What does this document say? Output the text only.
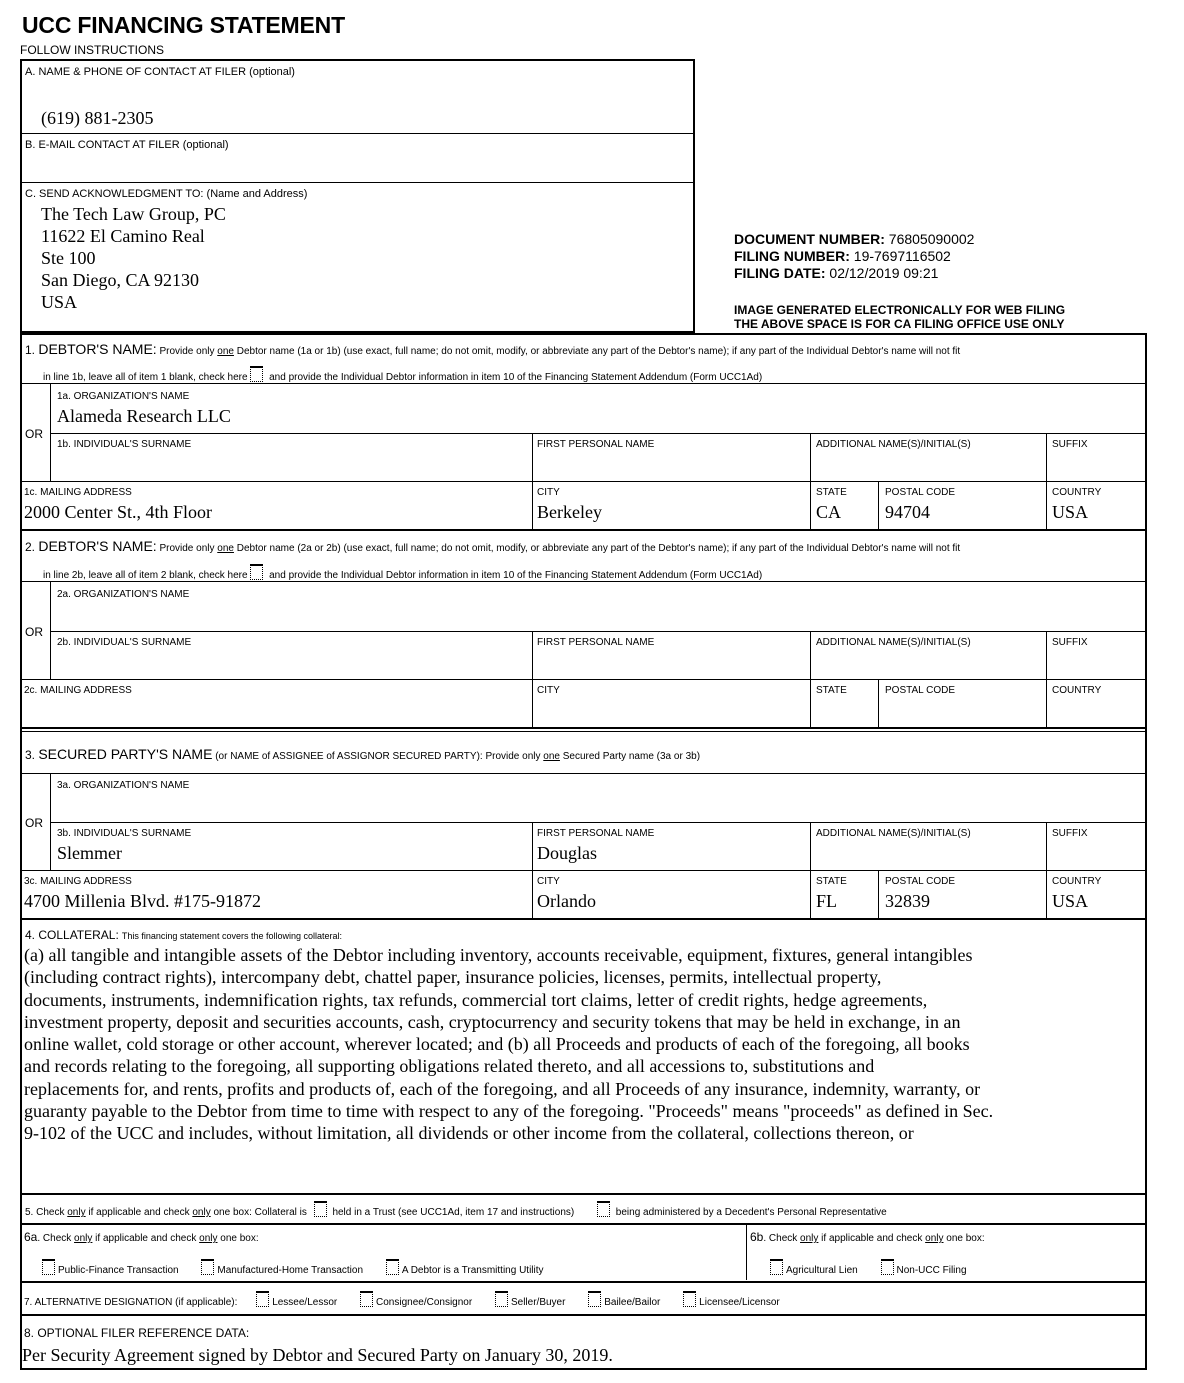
UCC FINANCING STATEMENT
FOLLOW INSTRUCTIONS
A. NAME & PHONE OF CONTACT AT FILER (optional)
(619) 881-2305
B. E-MAIL CONTACT AT FILER (optional)
C. SEND ACKNOWLEDGMENT TO: (Name and Address)
The Tech Law Group, PC
11622 El Camino Real
Ste 100
San Diego, CA 92130
USA
DOCUMENT NUMBER: 76805090002
FILING NUMBER: 19-7697116502
FILING DATE: 02/12/2019 09:21
IMAGE GENERATED ELECTRONICALLY FOR WEB FILING
THE ABOVE SPACE IS FOR CA FILING OFFICE USE ONLY
1. DEBTOR'S NAME: Provide only one Debtor name (1a or 1b) (use exact, full name; do not omit, modify, or abbreviate any part of the Debtor's name); if any part of the Individual Debtor's name will not fit
in line 1b, leave all of item 1 blank, check here and provide the Individual Debtor information in item 10 of the Financing Statement Addendum (Form UCC1Ad)
OR
1a. ORGANIZATION'S NAME
Alameda Research LLC
1b. INDIVIDUAL'S SURNAME	FIRST PERSONAL NAME	ADDITIONAL NAME(S)/INITIAL(S)	SUFFIX
1c. MAILING ADDRESS
2000 Center St., 4th Floor
CITY
Berkeley
STATE
CA
POSTAL CODE
94704
COUNTRY
USA
2. DEBTOR'S NAME: Provide only one Debtor name (2a or 2b) (use exact, full name; do not omit, modify, or abbreviate any part of the Debtor's name); if any part of the Individual Debtor's name will not fit
in line 2b, leave all of item 2 blank, check here and provide the Individual Debtor information in item 10 of the Financing Statement Addendum (Form UCC1Ad)
OR
2a. ORGANIZATION'S NAME
2b. INDIVIDUAL'S SURNAME	FIRST PERSONAL NAME	ADDITIONAL NAME(S)/INITIAL(S)	SUFFIX
2c. MAILING ADDRESS	CITY	STATE	POSTAL CODE	COUNTRY
3. SECURED PARTY'S NAME (or NAME of ASSIGNEE of ASSIGNOR SECURED PARTY): Provide only one Secured Party name (3a or 3b)
OR
3a. ORGANIZATION'S NAME
3b. INDIVIDUAL'S SURNAME
Slemmer
FIRST PERSONAL NAME
Douglas
ADDITIONAL NAME(S)/INITIAL(S)	SUFFIX
3c. MAILING ADDRESS
4700 Millenia Blvd. #175-91872
CITY
Orlando
STATE
FL
POSTAL CODE
32839
COUNTRY
USA
4. COLLATERAL: This financing statement covers the following collateral:
(a) all tangible and intangible assets of the Debtor including inventory, accounts receivable, equipment, fixtures, general intangibles
(including contract rights), intercompany debt, chattel paper, insurance policies, licenses, permits, intellectual property,
documents, instruments, indemnification rights, tax refunds, commercial tort claims, letter of credit rights, hedge agreements,
investment property, deposit and securities accounts, cash, cryptocurrency and security tokens that may be held in exchange, in an
online wallet, cold storage or other account, wherever located; and (b) all Proceeds and products of each of the foregoing, all books
and records relating to the foregoing, all supporting obligations related thereto, and all accessions to, substitutions and
replacements for, and rents, profits and products of, each of the foregoing, and all Proceeds of any insurance, indemnity, warranty, or
guaranty payable to the Debtor from time to time with respect to any of the foregoing. "Proceeds" means "proceeds" as defined in Sec.
9-102 of the UCC and includes, without limitation, all dividends or other income from the collateral, collections thereon, or
5. Check only if applicable and check only one box: Collateral is	held in a Trust (see UCC1Ad, item 17 and instructions)	being administered by a Decedent's Personal Representative
6a. Check only if applicable and check only one box:
Public-Finance Transaction	Manufactured-Home Transaction	A Debtor is a Transmitting Utility
6b. Check only if applicable and check only one box:
Agricultural Lien	Non-UCC Filing
7. ALTERNATIVE DESIGNATION (if applicable):	Lessee/Lessor	Consignee/Consignor	Seller/Buyer	Bailee/Bailor	Licensee/Licensor
8. OPTIONAL FILER REFERENCE DATA:
Per Security Agreement signed by Debtor and Secured Party on January 30, 2019.
